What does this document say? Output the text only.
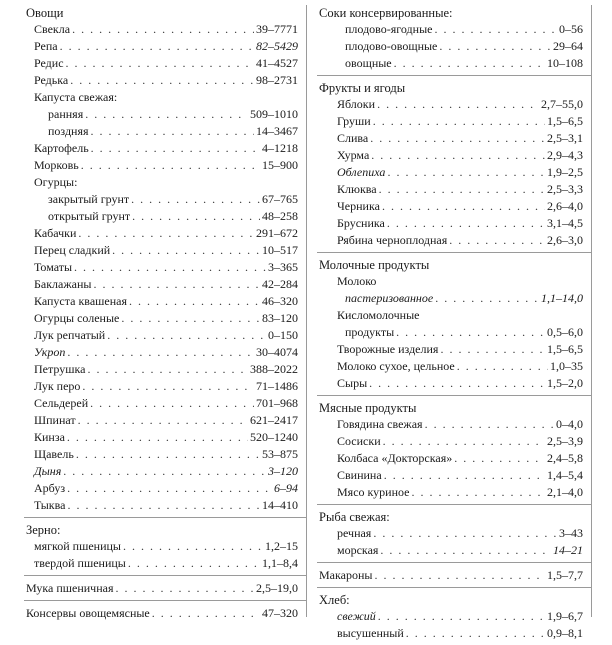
Овощи
Свекла . . .	39–7771
Репа . . .	82–5429
Редис . . .	41–4527
Редька . . .	98–2731
Капуста свежая:
ранняя . . .	509–1010
поздняя . . .	14–3467
Картофель . . .	4–1218
Морковь . . .	15–900
Огурцы:
закрытый грунт . . .	67–765
открытый грунт . . .	48–258
Кабачки . . .	291–672
Перец сладкий . . .	10–517
Томаты . . .	3–365
Баклажаны . . .	42–284
Капуста квашеная . . .	46–320
Огурцы соленые . . .	83–120
Лук репчатый . . .	0–150
Укроп . . .	30–4074
Петрушка . . .	388–2022
Лук перо . . .	71–1486
Сельдерей . . .	701–968
Шпинат . . .	621–2417
Кинза . . .	520–1240
Щавель . . .	53–875
Дыня . . .	3–120
Арбуз . . .	6–94
Тыква . . .	14–410
Зерно:
мягкой пшеницы . . .	1,2–15
твердой пшеницы . . .	1,1–8,4
Мука пшеничная . . .	2,5–19,0
Консервы овощемясные . . .	47–320
Соки консервированные:
плодово-ягодные . . .	0–56
плодово-овощные . . .	29–64
овощные . . .	10–108
Фрукты и ягоды
Яблоки . . .	2,7–55,0
Груши . . .	1,5–6,5
Слива . . .	2,5–3,1
Хурма . . .	2,9–4,3
Облепиха . . .	1,9–2,5
Клюква . . .	2,5–3,3
Черника . . .	2,6–4,0
Брусника . . .	3,1–4,5
Рябина черноплодная . . .	2,6–3,0
Молочные продукты
Молоко
пастеризованное . . .	1,1–14,0
Кисломолочные
продукты . . .	0,5–6,0
Творожные изделия . . .	1,5–6,5
Молоко сухое, цельное . . .	1,0–35
Сыры . . .	1,5–2,0
Мясные продукты
Говядина свежая . . .	0–4,0
Сосиски . . .	2,5–3,9
Колбаса «Докторская» . . .	2,4–5,8
Свинина . . .	1,4–5,4
Мясо куриное . . .	2,1–4,0
Рыба свежая:
речная . . .	3–43
морская . . .	14–21
Макароны . . .	1,5–7,7
Хлеб:
свежий . . .	1,9–6,7
высушенный . . .	0,9–8,1
